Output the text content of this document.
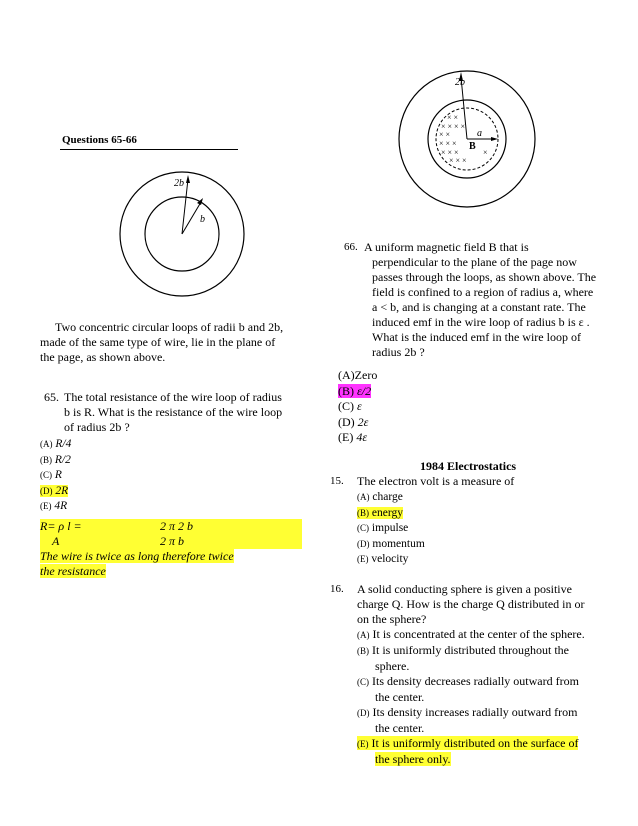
Questions 65-66
2b
b
Two concentric circular loops of radii b and 2b,
made of the same type of wire, lie in the plane of
the page, as shown above.
65. The total resistance of the wire loop of radius
b is R. What is the resistance of the wire loop
of radius 2b ?
(A) R/4
(B) R/2
(C) R
(D) 2R
(E) 4R
R= ρ l =	2 π 2 b
A	2 π b
The wire is twice as long therefore twice
the resistance
× ×
× × × ×
× ×
× × ×
× × ×
× × ×
×
2b
a
B
66. A uniform magnetic field B that is
perpendicular to the plane of the page now
passes through the loops, as shown above. The
field is confined to a region of radius a, where
a < b, and is changing at a constant rate. The
induced emf in the wire loop of radius b is ε .
What is the induced emf in the wire loop of
radius 2b ?
(A)Zero
(B) ε/2
(C) ε
(D) 2ε
(E) 4ε
1984 Electrostatics
15.	The electron volt is a measure of
(A) charge
(B) energy
(C) impulse
(D) momentum
(E) velocity
16. A solid conducting sphere is given a positive
charge Q. How is the charge Q distributed in or
on the sphere?
(A) It is concentrated at the center of the sphere.
(B) It is uniformly distributed throughout the
sphere.
(C) Its density decreases radially outward from
the center.
(D) Its density increases radially outward from
the center.
(E) It is uniformly distributed on the surface of
the sphere only.
